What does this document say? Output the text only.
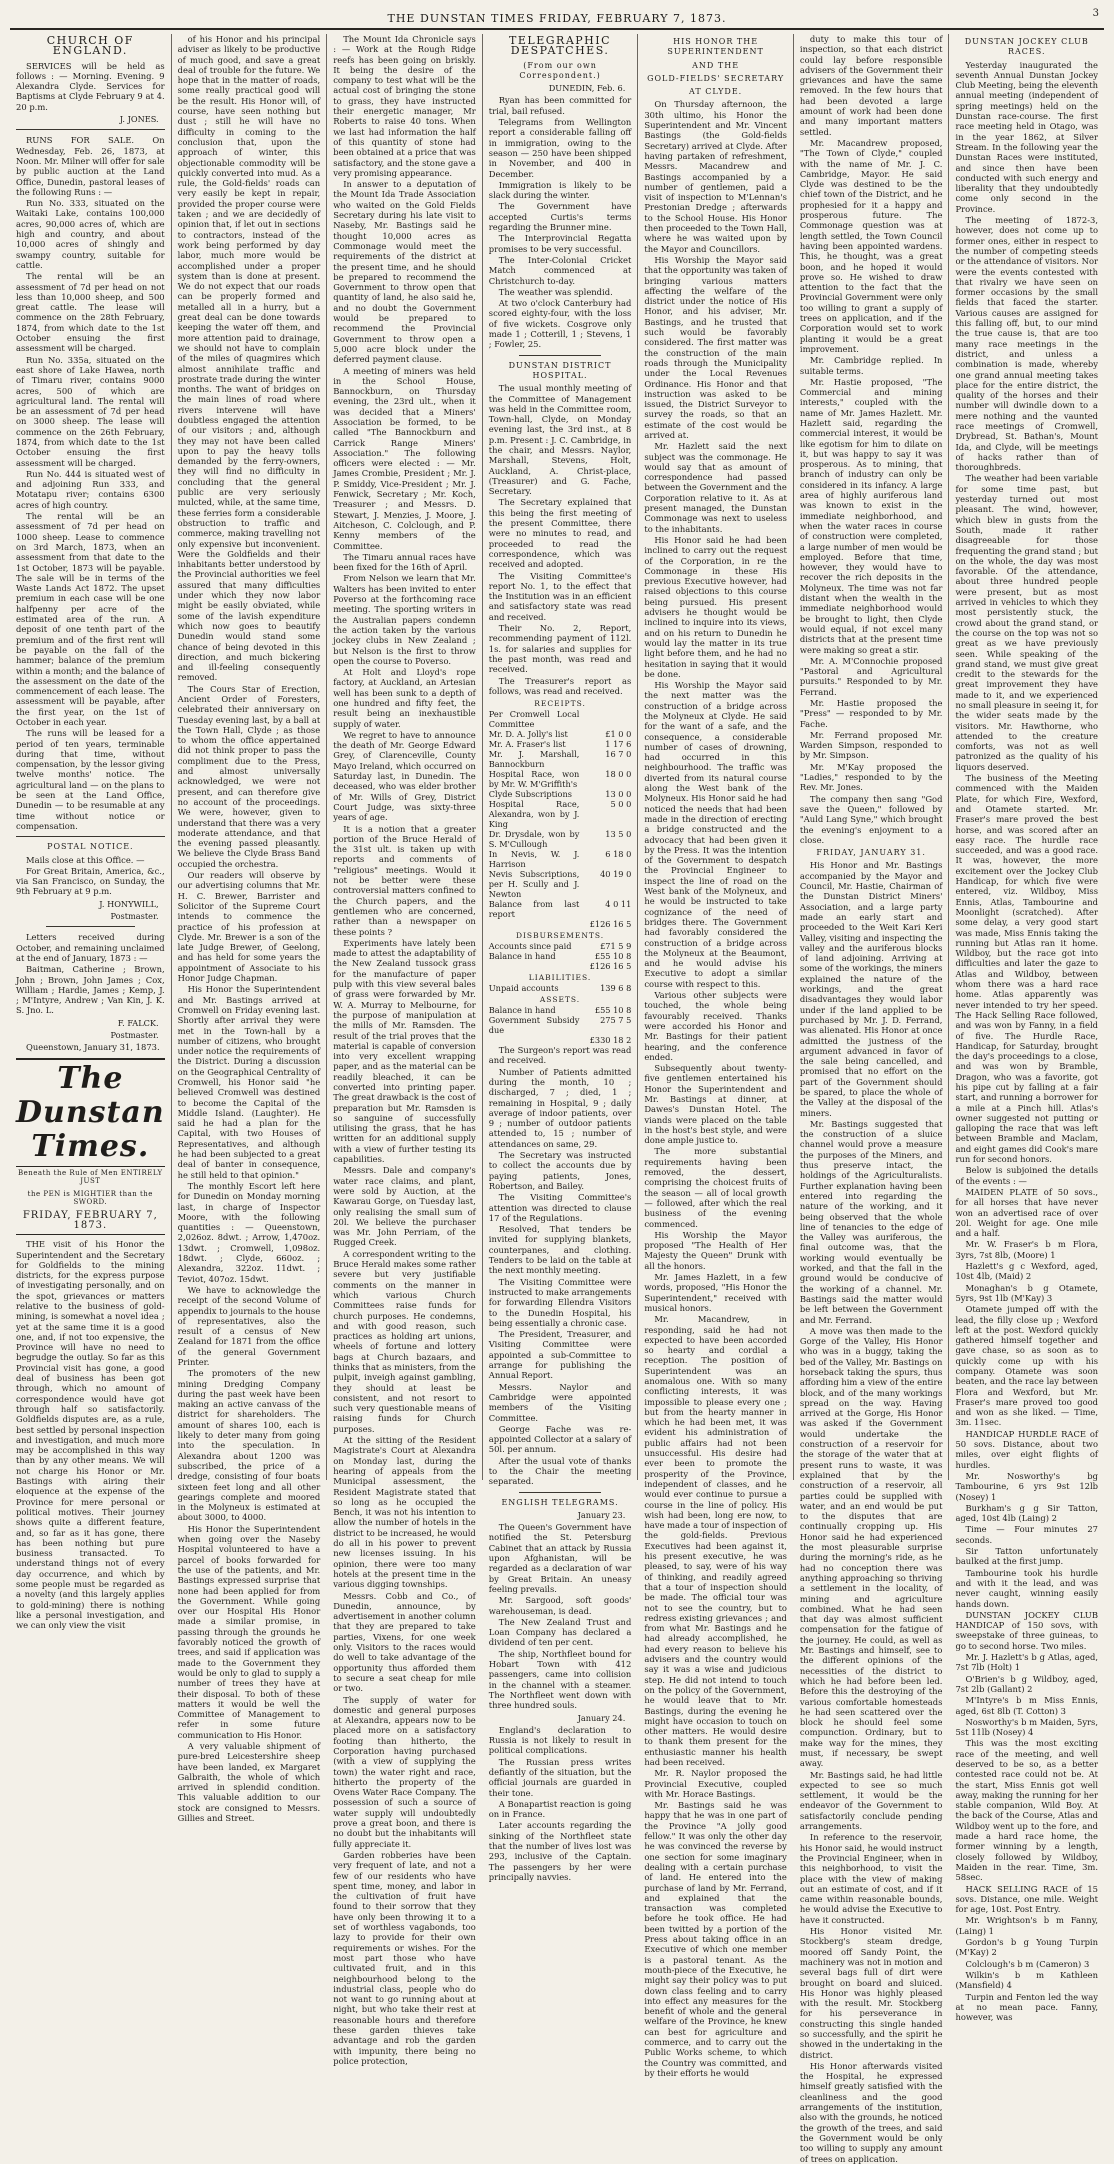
THE DUNSTAN TIMES FRIDAY, FEBRUARY 7, 1873.	3
CHURCH OF ENGLAND.

SERVICES will be held as follows : — Morning. Evening. 9 Alexandra Clyde. Services for Baptisms at Clyde February 9 at 4. 20 p.m.

J. JONES.

RUNS FOR SALE. On Wednesday, Feb. 26, 1873, at Noon. Mr. Milner will offer for sale by public auction at the Land Office, Dunedin, pastoral leases of the following Runs : —

Run No. 333, situated on the Waitaki Lake, contains 100,000 acres, 90,000 acres of, which are high and country, and about 10,000 acres of shingly and swampy country, suitable for cattle.

The rental will be an assessment of 7d per head on not less than 10,000 sheep, and 500 great cattle. The lease will commence on the 28th February, 1874, from which date to the 1st October ensuing the first assessment will be charged.

Run No. 335a, situated on the east shore of Lake Hawea, north of Timaru river, contains 9000 acres, 500 of which are agricultural land. The rental will be an assessment of 7d per head on 3000 sheep. The lease will commence on the 26th February, 1874, from which date to the 1st October ensuing the first assessment will be charged.

Run No. 444 is situated west of and adjoining Run 333, and Motatapu river; contains 6300 acres of high country.

The rental will be an assessment of 7d per head on 1000 sheep. Lease to commence on 3rd March, 1873, when an assessment from that date to the 1st October, 1873 will be payable. The sale will be in terms of the Waste Lands Act 1872. The upset premium in each case will be one halfpenny per acre of the estimated area of the run. A deposit of one tenth part of the premium and of the first rent will be payable on the fall of the hammer; balance of the premium within a month; and the balance of the assessment on the date of the commencement of each lease. The assessment will be payable, after the first year, on the 1st of October in each year.

The runs will be leased for a period of ten years, terminable during that time, without compensation, by the lessor giving twelve months' notice. The agricultural land — on the plans to be seen at the Land Office, Dunedin — to be resumable at any time without notice or compensation.

POSTAL NOTICE.

Mails close at this Office. —

For Great Britain, America, &c., via San Francisco, on Sunday, the 9th February at 9 p.m.

J. HONYWILL,
Postmaster.

Letters received during October, and remaining unclaimed at the end of January, 1873 : —

Baitman, Catherine ; Brown, John ; Brown, John James ; Cox, William ; Hardie, James ; Kemp, J. ; M'Intyre, Andrew ; Van Kin, J. K. S. Jno. L.

F. FALCK.
Postmaster.

Queenstown, January 31, 1873.

The Dunstan Times.
Beneath the Rule of Men ENTIRELY JUST
the PEN is MIGHTIER than the SWORD.
FRIDAY, FEBRUARY 7, 1873.

THE visit of his Honor the Superintendent and the Secretary for Goldfields to the mining districts, for the express purpose of investigating personally, and on the spot, grievances or matters relative to the business of gold-mining, is somewhat a novel idea ; yet at the same time it is a good one, and, if not too expensive, the Province will have no need to begrudge the outlay. So far as this Provincial visit has gone, a good deal of business has been got through, which no amount of correspondence would have got through half so satisfactorily. Goldfields disputes are, as a rule, best settled by personal inspection and investigation, and much more may be accomplished in this way than by any other means. We will not charge his Honor or Mr. Bastings with airing their eloquence at the expense of the Province for mere personal or political motives. Their journey shows quite a different feature, and, so far as it has gone, there has been nothing but pure business transacted. To understand things not of every day occurrence, and which by some people must be regarded as a novelty (and this largely applies to gold-mining) there is nothing like a personal investigation, and we can only view the visit

of his Honor and his principal adviser as likely to be productive of much good, and save a great deal of trouble for the future. We hope that in the matter of roads, some really practical good will be the result. His Honor will, of course, have seen nothing but dust ; still he will have no difficulty in coming to the conclusion that, upon the approach of winter, this objectionable commodity will be quickly converted into mud. As a rule, the Gold-fields' roads can very easily be kept in repair, provided the proper course were taken ; and we are decidedly of opinion that, if let out in sections to contractors, instead of the work being performed by day labor, much more would be accomplished under a proper system than is done at present. We do not expect that our roads can be properly formed and metalled all in a hurry, but a great deal can be done towards keeping the water off them, and more attention paid to drainage, we should not have to complain of the miles of quagmires which almost annihilate traffic and prostrate trade during the winter months. The want of bridges on the main lines of road where rivers intervene will have doubtless engaged the attention of our visitors ; and, although they may not have been called upon to pay the heavy tolls demanded by the ferry-owners, they will find no difficulty in concluding that the general public are very seriously mulcted, while, at the same time, these ferries form a considerable obstruction to traffic and commerce, making travelling not only expensive but inconvenient. Were the Goldfields and their inhabitants better understood by the Provincial authorities we feel assured that many difficulties under which they now labor might be easily obviated, while some of the lavish expenditure which now goes to beautify Dunedin would stand some chance of being devoted in this direction, and much bickering and ill-feeling consequently removed.

The Cours Star of Erection, Ancient Order of Foresters, celebrated their anniversary on Tuesday evening last, by a ball at the Town Hall, Clyde ; as those to whom the office appertained did not think proper to pass the compliment due to the Press, and almost universally acknowledged, we were not present, and can therefore give no account of the proceedings. We were, however, given to understand that there was a very moderate attendance, and that the evening passed pleasantly. We believe the Clyde Brass Band occupied the orchestra.

Our readers will observe by our advertising columns that Mr. H. C. Brewer, Barrister and Solicitor of the Supreme Court intends to commence the practice of his profession at Clyde. Mr. Brewer is a son of the late Judge Brewer, of Geelong, and has held for some years the appointment of Associate to his Honor Judge Chapman.

His Honor the Superintendent and Mr. Bastings arrived at Cromwell on Friday evening last. Shortly after arrival they were met in the Town-hall by a number of citizens, who brought under notice the requirements of the District. During a discussion on the Geographical Centrality of Cromwell, his Honor said "he believed Cromwell was destined to become the Capital of the Middle Island. (Laughter). He said he had a plan for the Capital, with two Houses of Representatives, and although he had been subjected to a great deal of banter in consequence, he still held to that opinion."

The monthly Escort left here for Dunedin on Monday morning last, in charge of Inspector Moore, with the following quantities : — Queenstown, 2,026oz. 8dwt. ; Arrow, 1,470oz. 13dwt. ; Cromwell, 1,098oz. 18dwt. ; Clyde, 660oz. ; Alexandra, 322oz. 11dwt. ; Teviot, 407oz. 15dwt.

We have to acknowledge the receipt of the second Volume of appendix to journals to the house of representatives, also the result of a census of New Zealand for 1871 from the office of the general Government Printer.

The promoters of the new mining Dredging Company during the past week have been making an active canvass of the district for shareholders. The amount of shares 100, each is likely to deter many from going into the speculation. In Alexandra about 1200 was subscribed, the price of a dredge, consisting of four boats sixteen feet long and all other gearings complete and moored in the Molyneux is estimated at about 3000, to 4000.

His Honor the Superintendent when going over the Naseby Hospital volunteered to have a parcel of books forwarded for the use of the patients, and Mr. Bastings expressed surprise that none had been applied for from the Government. While going over our Hospital His Honor made a similar promise, in passing through the grounds he favorably noticed the growth of trees, and said if application was made to the Government they would be only to glad to supply a number of trees they have at their disposal. To both of these matters it would be well the Committee of Management to refer in some future communication to His Honor.

A very valuable shipment of pure-bred Leicestershire sheep have been landed, ex Margaret Galbraith, the whole of which arrived in splendid condition. This valuable addition to our stock are consigned to Messrs. Gillies and Street.

The Mount Ida Chronicle says : — Work at the Rough Ridge reefs has been going on briskly. It being the desire of the company to test what will be the actual cost of bringing the stone to grass, they have instructed their energetic manager, Mr Roberts to raise 40 tons. When we last had information the half of this quantity of stone had been obtained at a price that was satisfactory, and the stone gave a very promising appearance.

In answer to a deputation of the Mount Ida Trade Association who waited on the Gold Fields Secretary during his late visit to Naseby, Mr. Bastings said he thought 10,000 acres as Commonage would meet the requirements of the district at the present time, and he should be prepared to recommend the Government to throw open that quantity of land, he also said he, and no doubt the Government would be prepared to recommend the Provincial Government to throw open a 5,000 acre block under the deferred payment clause.

A meeting of miners was held in the School House, Bannockburn, on Thursday evening, the 23rd ult., when it was decided that a Miners' Association be formed, to be called "The Bannockburn and Carrick Range Miners' Association." The following officers were elected : — Mr. James Crombie, President ; Mr. J. P. Smiddy, Vice-President ; Mr. J. Fenwick, Secretary ; Mr. Koch, Treasurer ; and Messrs. D. Stewart, J. Menzies, J. Moore, J. Aitcheson, C. Colclough, and P. Kenny members of the Committee.

The Timaru annual races have been fixed for the 16th of April.

From Nelson we learn that Mr. Walters has been invited to enter Poverso at the forthcoming race meeting. The sporting writers in the Australian papers condemn the action taken by the various jockey clubs in New Zealand ; but Nelson is the first to throw open the course to Poverso.

At Holt and Lloyd's rope factory, at Auckland, an Artesian well has been sunk to a depth of one hundred and fifty feet, the result being an inexhaustible supply of water.

We regret to have to announce the death of Mr. George Edward Grey, of Clarenceville, County Mayo Ireland, which occurred on Saturday last, in Dunedin. The deceased, who was elder brother of Mr. Wills of Grey, District Court Judge, was sixty-three years of age.

It is a notion that a greater portion of the Bruce Herald of the 31st ult. is taken up with reports and comments of "religious" meetings. Would it not be better were these controversial matters confined to the Church papers, and the gentlemen who are concerned, rather than a newspaper on these points ?

Experiments have lately been made to attest the adaptability of the New Zealand tussock grass for the manufacture of paper pulp with this view several bales of grass were forwarded by Mr. W. A. Murray to Melbourne, for the purpose of manipulation at the mills of Mr. Ramsden. The result of the trial proves that the material is capable of conversion into very excellent wrapping paper, and as the material can be readily bleached, it can be converted into printing paper. The great drawback is the cost of preparation but Mr. Ramsden is so sanguine of successfully utilising the grass, that he has written for an additional supply with a view of further testing its capabilities.

Messrs. Dale and company's water race claims, and plant, were sold by Auction, at the Kawarau Gorge, on Tuesday last, only realising the small sum of 20l. We believe the purchaser was Mr. John Perriam, of the Rugged Creek.

A correspondent writing to the Bruce Herald makes some rather severe but very justifiable comments on the manner in which various Church Committees raise funds for church purposes. He condemns, and with good reason, such practices as holding art unions, wheels of fortune and lottery bags at Church bazaars, and thinks that as ministers, from the pulpit, inveigh against gambling, they should at least be consistent, and not resort to such very questionable means of raising funds for Church purposes.

At the sitting of the Resident Magistrate's Court at Alexandra on Monday last, during the hearing of appeals from the Municipal assessment, the Resident Magistrate stated that so long as he occupied the Bench, it was not his intention to allow the number of hotels in the district to be increased, he would do all in his power to prevent new licenses issuing. In his opinion, there were too many hotels at the present time in the various digging townships.

Messrs. Cobb and Co., of Dunedin, announce, by advertisement in another column that they are prepared to take parties, Vixens, for one week only. Visitors to the races would do well to take advantage of the opportunity thus afforded them to secure a seat cheap for mile or two.

The supply of water for domestic and general purposes at Alexandra, appears now to be placed more on a satisfactory footing than hitherto, the Corporation having purchased (with a view of supplying the town) the water right and race, hitherto the property of the Ovens Water Race Company. The possession of such a source of water supply will undoubtedly prove a great boon, and there is no doubt but the inhabitants will fully appreciate it.

Garden robberies have been very frequent of late, and not a few of our residents who have spent time, money, and labor in the cultivation of fruit have found to their sorrow that they have only been throwing it to a set of worthless vagabonds, too lazy to provide for their own requirements or wishes. For the most part those who have cultivated fruit, and in this neighbourhood belong to the industrial class, people who do not want to go running about at night, but who take their rest at reasonable hours and therefore these garden thieves take advantage and rob the garden with impunity, there being no police protection,

TELEGRAPHIC DESPATCHES.
(From our own Correspondent.)
DUNEDIN, Feb. 6.

Ryan has been committed for trial, bail refused.

Telegrams from Wellington report a considerable falling off in immigration, owing to the season — 250 have been shipped in November, and 400 in December.

Immigration is likely to be slack during the winter.

The Government have accepted Curtis's terms regarding the Brunner mine.

The Interprovincial Regatta promises to be very successful.

The Inter-Colonial Cricket Match commenced at Christchurch to-day.

The weather was splendid.

At two o'clock Canterbury had scored eighty-four, with the loss of five wickets. Cosgrove only made 1 ; Cotterill, 1 ; Stevens, 1 ; Fowler, 25.

DUNSTAN DISTRICT HOSPITAL.

The usual monthly meeting of the Committee of Management was held in the Committee room, Town-hall, Clyde, on Monday evening last, the 3rd inst., at 8 p.m. Present : J. C. Cambridge, in the chair, and Messrs. Naylor, Marshall, Stevens, Holt, Auckland, A. Christ-place, (Treasurer) and G. Fache, Secretary.

The Secretary explained that this being the first meeting of the present Committee, there were no minutes to read, and proceeded to read the correspondence, which was received and adopted.

The Visiting Committee's report No. 1, to the effect that the Institution was in an efficient and satisfactory state was read and received.

Their No. 2, Report, recommending payment of 112l. 1s. for salaries and supplies for the past month, was read and received.

The Treasurer's report as follows, was read and received.

RECEIPTS.	
Per Cromwell Local Committee	
Mr. D. A. Jolly's list	£1 0 0
Mr. A. Fraser's list	1 17 6
Mr. J. Marshall, Bannockburn	16 7 0
Hospital Race, won by Mr. W. M'Griffith's	18 0 0
Clyde Subscriptions	13 0 0
Hospital Race, Alexandra, won by J. King	5 0 0
Dr. Drysdale, won by S. M'Cullough	13 5 0
In Nevis, W. J. Harrison	6 18 0
Nevis Subscriptions, per H. Scully and J. Newton	40 19 0
Balance from last report	4 0 11
	£126 16 5
DISBURSEMENTS.	
Accounts since paid	£71 5 9
Balance in hand	£55 10 8
	£126 16 5
LIABILITIES.	
Unpaid accounts	139 6 8
ASSETS.	
Balance in hand	£55 10 8
Government Subsidy due	275 7 5
	£330 18 2

The Surgeon's report was read and received.

Number of Patients admitted during the month, 10 ; discharged, 7 ; died, 1 ; remaining in Hospital, 9 ; daily average of indoor patients, over 9 ; number of outdoor patients attended to, 15 ; number of attendances on same, 29.

The Secretary was instructed to collect the accounts due by paying patients, Jones, Robertson, and Bailey.

The Visiting Committee's attention was directed to clause 17 of the Regulations.

Resolved, That tenders be invited for supplying blankets, counterpanes, and clothing. Tenders to be laid on the table at the next monthly meeting.

The Visiting Committee were instructed to make arrangements for forwarding Ellendra Visitors to the Dunedin Hospital, his being essentially a chronic case.

The President, Treasurer, and Visiting Committee were appointed a sub-Committee to arrange for publishing the Annual Report.

Messrs. Naylor and Cambridge were appointed members of the Visiting Committee.

George Fache was re-appointed Collector at a salary of 50l. per annum.

After the usual vote of thanks to the Chair the meeting separated.

ENGLISH TELEGRAMS.
January 23.

The Queen's Government have notified the St. Petersburg Cabinet that an attack by Russia upon Afghanistan, will be regarded as a declaration of war by Great Britain. An uneasy feeling prevails.

Mr. Sargood, soft goods' warehouseman, is dead.

The New Zealand Trust and Loan Company has declared a dividend of ten per cent.

The ship, Northfleet bound for Hobart Town with 412 passengers, came into collision in the channel with a steamer. The Northfleet went down with three hundred souls.

January 24.

England's declaration to Russia is not likely to result in political complications.

The Russian press writes defiantly of the situation, but the official journals are guarded in their tone.

A Bonapartist reaction is going on in France.

Later accounts regarding the sinking of the Northfleet state that the number of lives lost was 293, inclusive of the Captain. The passengers by her were principally navvies.

HIS HONOR THE SUPERINTENDENT
AND THE
GOLD-FIELDS' SECRETARY
AT CLYDE.

On Thursday afternoon, the 30th ultimo, his Honor the Superintendent and Mr. Vincent Bastings (the Gold-fields Secretary) arrived at Clyde. After having partaken of refreshment, Messrs. Macandrew and Bastings accompanied by a number of gentlemen, paid a visit of inspection to M'Lennan's Prestonian Dredge ; afterwards to the School House. His Honor then proceeded to the Town Hall, where he was waited upon by the Mayor and Councillors.

His Worship the Mayor said that the opportunity was taken of bringing various matters affecting the welfare of the district under the notice of His Honor, and his adviser, Mr. Bastings, and he trusted that such would be favorably considered. The first matter was the construction of the main roads through the Municipality under the Local Revenues Ordinance. His Honor and that instruction was asked to be issued, the District Surveyor to survey the roads, so that an estimate of the cost would be arrived at.

Mr. Hazlett said the next subject was the commonage. He would say that as amount of correspondence had passed between the Government and the Corporation relative to it. As at present managed, the Dunstan Commonage was next to useless to the inhabitants.

His Honor said he had been inclined to carry out the request of the Corporation, in re the Commonage in these His previous Executive however, had raised objections to this course being pursued. His present advisers he thought would be inclined to inquire into its views, and on his return to Dunedin he would lay the matter in its true light before them, and he had no hesitation in saying that it would be done.

His Worship the Mayor said the next matter was the construction of a bridge across the Molyneux at Clyde. He said for the want of a safe, and the consequence, a considerable number of cases of drowning, had occurred in this neighbourhood. The traffic was diverted from its natural course along the West bank of the Molyneux. His Honor said he had noticed the needs that had been made in the direction of erecting a bridge constructed and the advocacy that had been given it by the Press. It was the intention of the Government to despatch the Provincial Engineer to inspect the line of road on the West bank of the Molyneux, and he would be instructed to take cognizance of the need of bridges there. The Government had favorably considered the construction of a bridge across the Molyneux at the Beaumont, and he would advise his Executive to adopt a similar course with respect to this.

Various other subjects were touched, the whole being favourably received. Thanks were accorded his Honor and Mr. Bastings for their patient hearing, and the conference ended.

Subsequently about twenty-five gentlemen entertained his Honor the Superintendent and Mr. Bastings at dinner, at Dawes's Dunstan Hotel. The viands were placed on the table in the host's best style, and were done ample justice to.

The more substantial requirements having been removed, the dessert, comprising the choicest fruits of the season — all of local growth — followed, after which the real business of the evening commenced.

His Worship the Mayor proposed "The Health of Her Majesty the Queen" Drunk with all the honors.

Mr. James Hazlett, in a few words, proposed, "His Honor the Superintendent," received with musical honors.

Mr. Macandrew, in responding, said he had not expected to have been accorded so hearty and cordial a reception. The position of Superintendent was an anomalous one. With so many conflicting interests, it was impossible to please every one ; but from the hearty manner in which he had been met, it was evident his administration of public affairs had not been unsuccessful. His desire had ever been to promote the prosperity of the Province, independent of classes, and he would ever continue to pursue a course in the line of policy. His wish had been, long ere now, to have made a tour of inspection of the gold-fields. Previous Executives had been against it, his present executive, he was pleased, to say, were of his way of thinking, and readily agreed that a tour of inspection should be made. The official tour was not to see the country, but to redress existing grievances ; and from what Mr. Bastings and he had already accomplished, he had every reason to believe his advisers and the country would say it was a wise and judicious step. He did not intend to touch on the policy of the Government, he would leave that to Mr. Bastings, during the evening he might have occasion to touch on other matters. He would desire to thank them present for the enthusiastic manner his health had been received.

Mr. R. Naylor proposed the Provincial Executive, coupled with Mr. Horace Bastings.

Mr. Bastings said he was happy that he was in one part of the Province "A jolly good fellow." It was only the other day he was convinced the reverse by one section for some imaginary dealing with a certain purchase of land. He entered into the purchase of land by Mr. Ferrand, and explained that the transaction was completed before he took office. He had been twitted by a portion of the Press about taking office in an Executive of which one member is a pastoral tenant. As the mouth-piece of the Executive, he might say their policy was to put down class feeling and to carry into effect any measures for the benefit of whole and the general welfare of the Province, he knew can best for agriculture and commerce, and to carry out the Public Works scheme, to which the Country was committed, and by their efforts he would

duty to make this tour of inspection, so that each district could lay before responsible advisers of the Government their grievances and have the same removed. In the few hours that had been devoted a large amount of work had been done and many important matters settled.

Mr. Macandrew proposed, "The Town of Clyde," coupled with the name of Mr. J. C. Cambridge, Mayor. He said Clyde was destined to be the chief town of the District, and he prophesied for it a happy and prosperous future. The Commonage question was at length settled, the Town Council having been appointed wardens. This, he thought, was a great boon, and he hoped it would prove so. He wished to draw attention to the fact that the Provincial Government were only too willing to grant a supply of trees on application, and if the Corporation would set to work planting it would be a great improvement.

Mr. Cambridge replied. In suitable terms.

Mr. Hastie proposed, "The Commercial and mining interests," coupled with the name of Mr. James Hazlett. Mr. Hazlett said, regarding the commercial interest, it would be like egotism for him to dilate on it, but was happy to say it was prosperous. As to mining, that branch of industry can only be considered in its infancy. A large area of highly auriferous land was known to exist in the immediate neighborhood, and when the water races in course of construction were completed, a large number of men would be employed. Before that time, however, they would have to recover the rich deposits in the Molyneux. The time was not far distant when the wealth in the immediate neighborhood would be brought to light, then Clyde would equal, if not excel many districts that at the present time were making so great a stir.

Mr. A. M'Connochie proposed "Pastoral and Agricultural pursuits." Responded to by Mr. Ferrand.

Mr. Hastie proposed the "Press" — responded to by Mr. Fache.

Mr. Ferrand proposed Mr. Warden Simpson, responded to by Mr. Simpson.

Mr. M'Kay proposed the "Ladies," responded to by the Rev. Mr. Jones.

The company then sang "God save the Queen," followed by "Auld Lang Syne," which brought the evening's enjoyment to a close.

FRIDAY, JANUARY 31.

His Honor and Mr. Bastings accompanied by the Mayor and Council, Mr. Hastie, Chairman of the Dunstan District Miners' Association, and a large party made an early start and proceeded to the Weit Kari Keri Valley, visiting and inspecting the valley and the auriferous blocks of land adjoining. Arriving at some of the workings, the miners explained the nature of the workings, and the great disadvantages they would labor under if the land applied to be purchased by Mr. J. D. Ferrand, was alienated. His Honor at once admitted the justness of the argument advanced in favor of the sale being cancelled, and promised that no effort on the part of the Government should be spared, to place the whole of the Valley at the disposal of the miners.

Mr. Bastings suggested that the construction of a sluice channel would prove a measure the purposes of the Miners, and thus preserve intact, the holdings of the Agriculturalists. Further explanation having been entered into regarding the nature of the working, and it being observed that the whole line of tenancies to the edge of the Valley was auriferous, the final outcome was, that the working would eventually be worked, and that the fall in the ground would be conducive of the working of a channel. Mr. Bastings said the matter would be left between the Government and Mr. Ferrand.

A move was then made to the Gorge of the Valley, His Honor who was in a buggy, taking the bed of the Valley, Mr. Bastings on horseback taking the spurs, thus affording him a view of the entire block, and of the many workings spread on the way. Having arrived at the Gorge, His Honor was asked if the Government would undertake the construction of a reservoir for the storage of the water that at present runs to waste, it was explained that by the construction of a reservoir, all parties could be supplied with water, and an end would be put to the disputes that are continually cropping up. His Honor said he had experienced the most pleasurable surprise during the morning's ride, as he had no conception there was anything approaching so thriving a settlement in the locality, of mining and agriculture combined. What he had seen that day was almost sufficient compensation for the fatigue of the journey. He could, as well as Mr. Bastings and himself, see to the different opinions of the necessities of the district to which he had before been led. Before this the destroying of the various comfortable homesteads he had seen scattered over the block he should feel some compunction. Ordinary, but to make way for the mines, they must, if necessary, be swept away.

Mr. Bastings said, he had little expected to see so much settlement, it would be the endeavor of the Government to satisfactorily conclude pending arrangements.

In reference to the reservoir, his Honor said, he would instruct the Provincial Engineer, when in this neighborhood, to visit the place with the view of making out an estimate of cost, and if it came within reasonable bounds, he would advise the Executive to have it constructed.

His Honor visited Mr. Stockberg's steam dredge, moored off Sandy Point, the machinery was not in motion and several bags full of dirt were brought on board and sluiced. His Honor was highly pleased with the result. Mr. Stockberg for his perseverance in constructing this single handed so successfully, and the spirit he showed in the undertaking in the district.

His Honor afterwards visited the Hospital, he expressed himself greatly satisfied with the cleanliness and the good arrangements of the institution, also with the grounds, he noticed the growth of the trees, and said the Government would be only too willing to supply any amount of trees on application.

DUNSTAN JOCKEY CLUB RACES.

Yesterday inaugurated the seventh Annual Dunstan Jockey Club Meeting, being the eleventh annual meeting (independent of spring meetings) held on the Dunstan race-course. The first race meeting held in Otago, was in the year 1862, at Silver Stream. In the following year the Dunstan Races were instituted, and since then have been conducted with such energy and liberality that they undoubtedly come only second in the Province.

The meeting of 1872-3, however, does not come up to former ones, either in respect to the number of competing steeds or the attendance of visitors. Nor were the events contested with that rivalry we have seen on former occasions by the small fields that faced the starter. Various causes are assigned for this falling off, but, to our mind the true cause is, that are too many race meetings in the district, and unless a combination is made, whereby one grand annual meeting takes place for the entire district, the quality of the horses and their number will dwindle down to a mere nothing and the vaunted race meetings of Cromwell, Drybread, St. Bathan's, Mount Ida, and Clyde, will be meetings of hacks rather than of thoroughbreds.

The weather had been variable for some time past, but yesterday turned out most pleasant. The wind, however, which blew in gusts from the South, made it rather disagreeable for those frequenting the grand stand ; but on the whole, the day was most favorable. Of the attendance, about three hundred people were present, but as most arrived in vehicles to which they most persistently stuck, the crowd about the grand stand, or the course on the top was not so great as we have previously seen. While speaking of the grand stand, we must give great credit to the stewards for the great improvement they have made to it, and we experienced no small pleasure in seeing it, for the wider seats made by the visitors. Mr. Hawthorne, who attended to the creature comforts, was not as well patronized as the quality of his liquors deserved.

The business of the Meeting commenced with the Maiden Plate, for which Fire, Wexford, and Otamete started. Mr. Fraser's mare proved the best horse, and was scored after an easy race. The hurdle race succeeded, and was a good race. It was, however, the more excitement over the Jockey Club Handicap, for which five were entered, viz. Wildboy, Miss Ennis, Atlas, Tambourine and Moonlight (scratched). After some delay, a very good start was made, Miss Ennis taking the running but Atlas ran it home. Wildboy, but the race got into difficulties and later the gaze to Atlas and Wildboy, between whom there was a hard race home. Atlas apparently was never intended to try her speed. The Hack Selling Race followed, and was won by Fanny, in a field of five. The Hurdle Race, Handicap, for Saturday, brought the day's proceedings to a close, and was won by Bramble, Dragon, who was a favorite, got his pipe cut by falling at a fair start, and running a borrower for a mile at a Pinch hill. Atlas's owner suggested not putting or galloping the race that was left between Bramble and Maclam, and eight games did Cook's mare run for second honors.

Below is subjoined the details of the events : —

MAIDEN PLATE of 50 sovs., for all horses that have never won an advertised race of over 20l. Weight for age. One mile and a half.

Mr. W. Fraser's b m Flora, 3yrs, 7st 8lb, (Moore) 1

Hazlett's g c Wexford, aged, 10st 4lb, (Maid) 2

Monaghan's b g Otamete, 5yrs, 9st 1lb (M'Kay) 3

Otamete jumped off with the lead, the filly close up ; Wexford left at the post. Wexford quickly gathered himself together and gave chase, so as soon as to quickly come up with his company. Otamete was soon beaten, and the race lay between Flora and Wexford, but Mr. Fraser's mare proved too good and won as she liked. — Time, 3m. 11sec.

HANDICAP HURDLE RACE of 50 sovs. Distance, about two miles, over eight flights of hurdles.

Mr. Nosworthy's bg Tambourine, 6 yrs 9st 12lb (Nosey) 1

Burkham's g g Sir Tatton, aged, 10st 4lb (Laing) 2

Time — Four minutes 27 seconds.

Sir Tatton unfortunately baulked at the first jump.

Tambourine took his hurdle and with it the lead, and was never caught, winning easily hands down.

DUNSTAN JOCKEY CLUB HANDICAP of 150 sovs, with sweepstake of three guineas, to go to second horse. Two miles.

Mr. J. Hazlett's b g Atlas, aged, 7st 7lb (Holt) 1

O'Brien's b g Wildboy, aged, 7st 2lb (Gallant) 2

M'Intyre's b m Miss Ennis, aged, 6st 8lb (T. Cotton) 3

Nosworthy's b m Maiden, 5yrs, 5st 11lb (Nosey) 4

This was the most exciting race of the meeting, and well deserved to be so, as a better contested race could not be. At the start, Miss Ennis got well away, making the running for her stable companion, Wild Boy. At the back of the Course, Atlas and Wildboy went up to the fore, and made a hard race home, the former winning by a length, closely followed by Wildboy, Maiden in the rear. Time, 3m. 58sec.

HACK SELLING RACE of 15 sovs. Distance, one mile. Weight for age, 10st. Post Entry.

Mr. Wrightson's b m Fanny, (Laing) 1

Gordon's b g Young Turpin (M'Kay) 2

Colclough's b m (Cameron) 3

Wilkin's b m Kathleen (Mansfield) 4

Turpin and Fenton led the way at no mean pace. Fanny, however, was
